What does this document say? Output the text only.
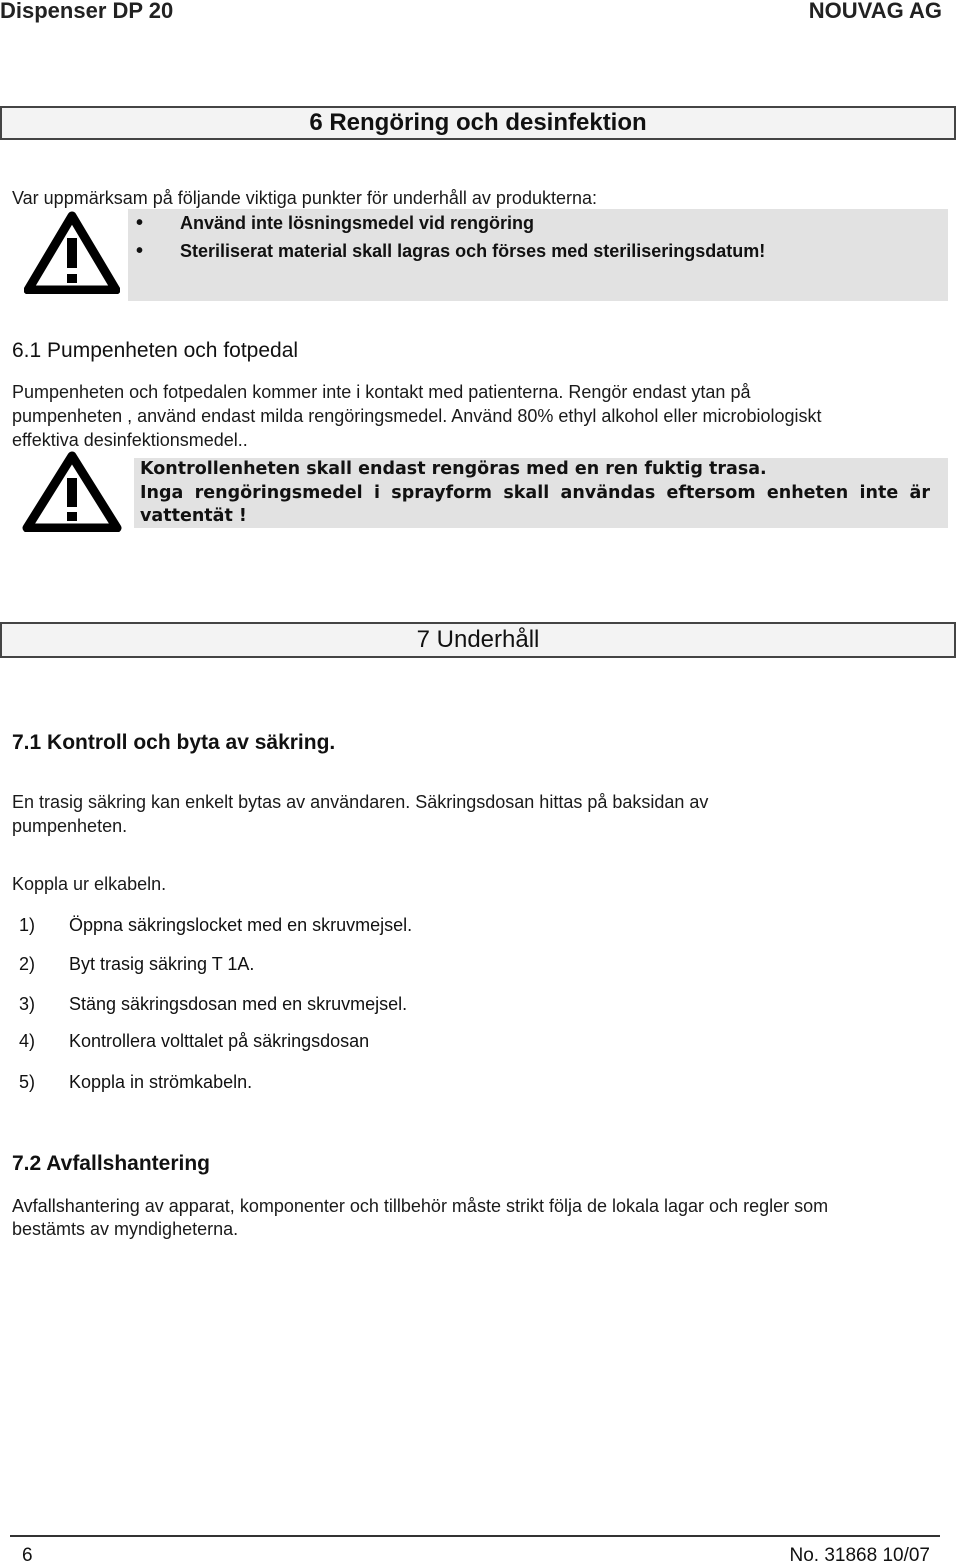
Dispenser DP 20	NOUVAG AG
6 Rengöring och desinfektion
Var uppmärksam på följande viktiga punkter för underhåll av produkterna:
• Använd inte lösningsmedel vid rengöring
• Steriliserat material skall lagras och förses med steriliseringsdatum!
6.1 Pumpenheten och fotpedal
Pumpenheten och fotpedalen kommer inte i kontakt med patienterna. Rengör endast ytan på
pumpenheten , använd endast milda rengöringsmedel. Använd 80% ethyl alkohol eller microbiologiskt
effektiva desinfektionsmedel..
Kontrollenheten skall endast rengöras med en ren fuktig trasa.
Inga rengöringsmedel i sprayform skall användas eftersom enheten inte är
vattentät !
7 Underhåll
7.1 Kontroll och byta av säkring.
En trasig säkring kan enkelt bytas av användaren. Säkringsdosan hittas på baksidan av
pumpenheten.
Koppla ur elkabeln.
1)	Öppna säkringslocket med en skruvmejsel.
2)	Byt trasig säkring T 1A.
3)	Stäng säkringsdosan med en skruvmejsel.
4)	Kontrollera volttalet på säkringsdosan
5)	Koppla in strömkabeln.
7.2 Avfallshantering
Avfallshantering av apparat, komponenter och tillbehör måste strikt följa de lokala lagar och regler som
bestämts av myndigheterna.
6	No. 31868 10/07
